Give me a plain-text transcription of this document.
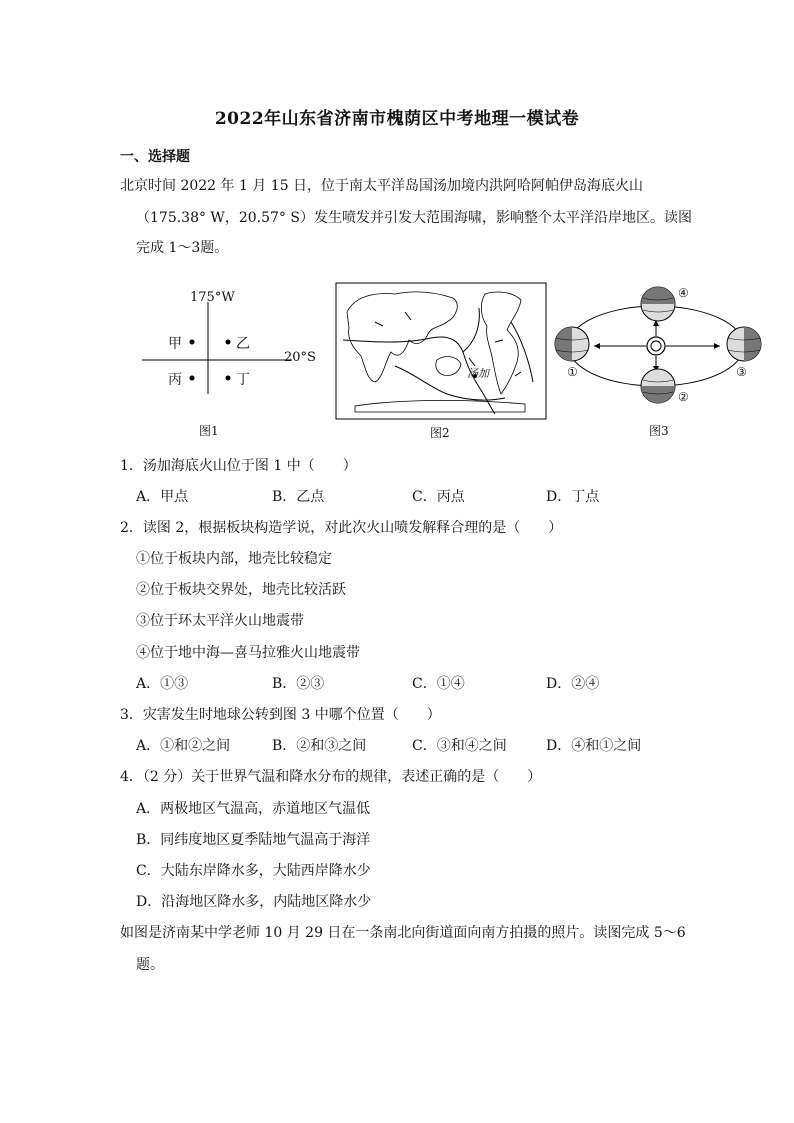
2022年山东省济南市槐荫区中考地理一模试卷
一、选择题
北京时间 2022 年 1 月 15 日，位于南太平洋岛国汤加境内洪阿哈阿帕伊岛海底火山
（175.38° W，20.57° S）发生喷发并引发大范围海啸，影响整个太平洋沿岸地区。读图
完成 1～3题。
175°W
20°S
甲	乙
丙	丁
图1
汤加
图2
①
②
③
④
图3
1．汤加海底火山位于图 1 中（　　）
A．甲点	B．乙点	C．丙点	D．丁点
2．读图 2，根据板块构造学说，对此次火山喷发解释合理的是（　　）
①位于板块内部，地壳比较稳定
②位于板块交界处，地壳比较活跃
③位于环太平洋火山地震带
④位于地中海—喜马拉雅火山地震带
A．①③	B．②③	C．①④	D．②④
3．灾害发生时地球公转到图 3 中哪个位置（　　）
A．①和②之间	B．②和③之间	C．③和④之间	D．④和①之间
4．（2 分）关于世界气温和降水分布的规律，表述正确的是（　　）
A．两极地区气温高，赤道地区气温低
B．同纬度地区夏季陆地气温高于海洋
C．大陆东岸降水多，大陆西岸降水少
D．沿海地区降水多，内陆地区降水少
如图是济南某中学老师 10 月 29 日在一条南北向街道面向南方拍摄的照片。读图完成 5～6
题。
